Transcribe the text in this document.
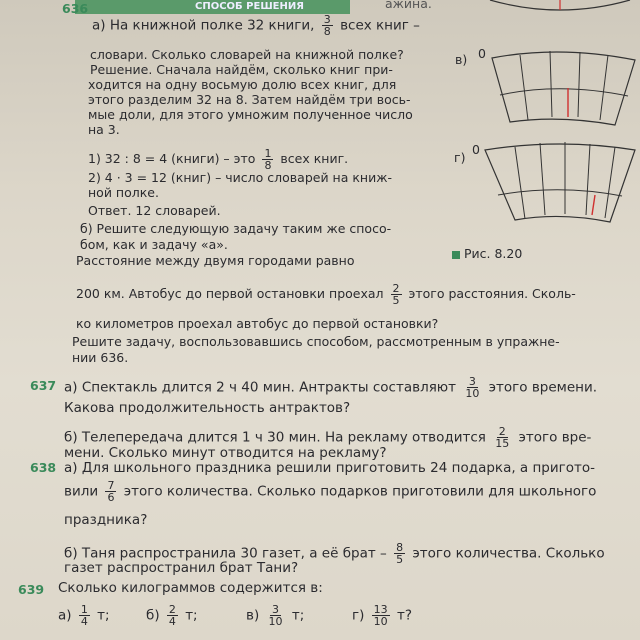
СПОСОБ РЕШЕНИЯ
636	ажина.
а) На книжной полке 32 книги, $\frac{3}{8}$ всех книг –
словари. Сколько словарей на книжной полке?
Решение. Сначала найдём, сколько книг при-
ходится на одну восьмую долю всех книг, для
этого разделим 32 на 8. Затем найдём три вось-
мые доли, для этого умножим полученное число
на 3.
1) 32 : 8 = 4 (книги) – это $\frac{1}{8}$ всех книг.
2) 4 · 3 = 12 (книг) – число словарей на книж-
ной полке.
Ответ. 12 словарей.
б) Решите следующую задачу таким же спосо-
бом, как и задачу «а».
Расстояние между двумя городами равно
200 км. Автобус до первой остановки проехал $\frac{2}{5}$ этого расстояния. Сколь-
ко километров проехал автобус до первой остановки?
Решите задачу, воспользовавшись способом, рассмотренным в упражне-
нии 636.
в) 0
г)
0
Рис. 8.20
637 а) Спектакль длится 2 ч 40 мин. Антракты составляют $\frac{3}{10}$ этого времени.
Какова продолжительность антрактов?
б) Телепередача длится 1 ч 30 мин. На рекламу отводится $\frac{2}{15}$ этого вре-
мени. Сколько минут отводится на рекламу?
638 а) Для школьного праздника решили приготовить 24 подарка, а пригото-
вили $\frac{7}{6}$ этого количества. Сколько подарков приготовили для школьного
праздника?
б) Таня распространила 30 газет, а её брат – $\frac{8}{5}$ этого количества. Сколько
газет распространил брат Тани?
639 Сколько килограммов содержится в:
$а) \frac{1}{4} т$;	$б) \frac{2}{4} т$;	$в) \frac{3}{10} т$;	$г) \frac{13}{10} т$?
